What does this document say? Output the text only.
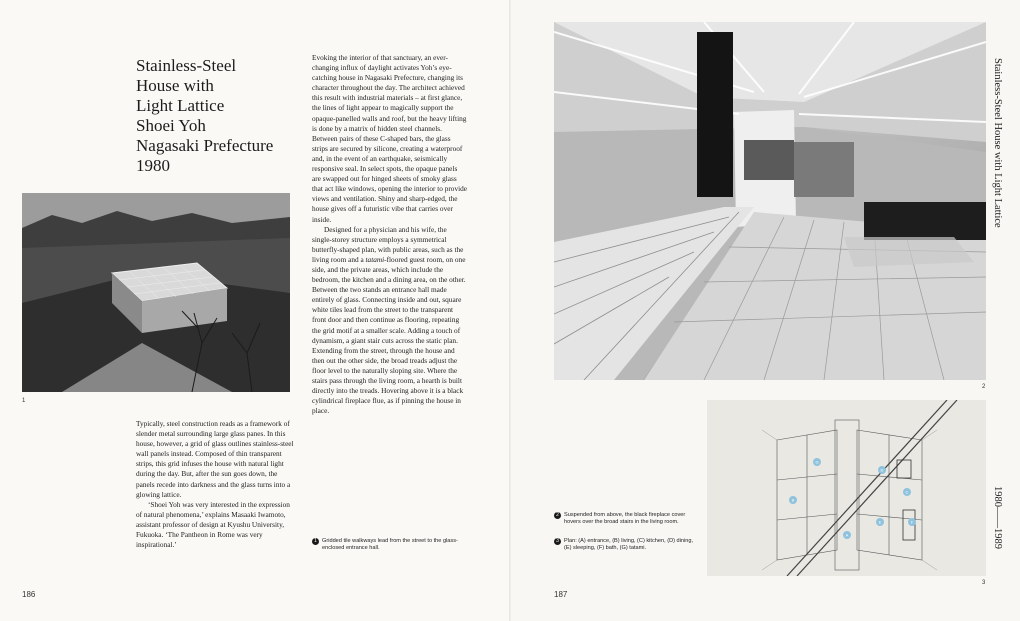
Stainless-Steel
House with
Light Lattice
Shoei Yoh
Nagasaki Prefecture
1980
1

Typically, steel construction reads as a framework of slender metal surrounding large glass panes. In this house, however, a grid of glass outlines stainless-steel wall panels instead. Composed of thin transparent strips, this grid infuses the house with natural light during the day. But, after the sun goes down, the panels recede into darkness and the glass turns into a glowing lattice.

‘Shoei Yoh was very interested in the expression of natural phenomena,’ explains Masaaki Iwamoto, assistant professor of design at Kyushu University, Fukuoka. ‘The Pantheon in Rome was very inspirational.’

Evoking the interior of that sanctuary, an ever-changing influx of daylight activates Yoh’s eye-catching house in Nagasaki Prefecture, changing its character throughout the day. The architect achieved this result with industrial materials – at first glance, the lines of light appear to magically support the opaque-panelled walls and roof, but the heavy lifting is done by a matrix of hidden steel channels. Between pairs of these C-shaped bars, the glass strips are secured by silicone, creating a waterproof and, in the event of an earthquake, seismically responsive seal. In select spots, the opaque panels are swapped out for hinged sheets of smoky glass that act like windows, opening the interior to provide views and ventilation. Shiny and sharp-edged, the house gives off a futuristic vibe that carries over inside.

Designed for a physician and his wife, the single-storey structure employs a symmetrical butterfly-shaped plan, with public areas, such as the living room and a tatami-floored guest room, on one side, and the private areas, which include the bedroom, the kitchen and a dining area, on the other. Between the two stands an entrance hall made entirely of glass. Connecting inside and out, square white tiles lead from the street to the transparent front door and then continue as flooring, repeating the grid motif at a smaller scale. Adding a touch of dynamism, a giant stair cuts across the static plan. Extending from the street, through the house and then out the other side, the broad treads adjust the floor level to the naturally sloping site. Where the stairs pass through the living room, a hearth is built directly into the treads. Hovering above it is a black cylindrical fireplace flue, as if pinning the house in place.

1 Gridded tile walkways lead from the street to the glass-enclosed entrance hall.
186	187
2
Stainless-Steel House with Light Lattice
A
B
C
D
E	F
G
3
2 Suspended from above, the black fireplace cover hovers over the broad stairs in the living room.
3 Plan: (A) entrance, (B) living, (C) kitchen, (D) dining, (E) sleeping, (F) bath, (G) tatami.	1980——1989
